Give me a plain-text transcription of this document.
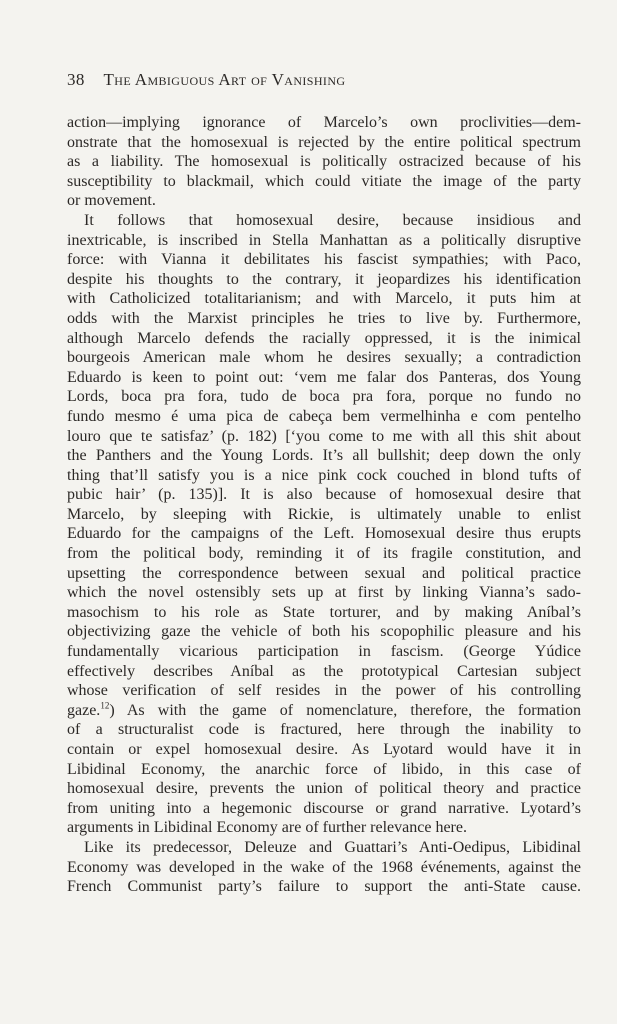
38 The Ambiguous Art of Vanishing
action—implying ignorance of Marcelo’s own proclivities—dem-
onstrate that the homosexual is rejected by the entire political spectrum
as a liability. The homosexual is politically ostracized because of his
susceptibility to blackmail, which could vitiate the image of the party
or movement.
It follows that homosexual desire, because insidious and
inextricable, is inscribed in Stella Manhattan as a politically disruptive
force: with Vianna it debilitates his fascist sympathies; with Paco,
despite his thoughts to the contrary, it jeopardizes his identification
with Catholicized totalitarianism; and with Marcelo, it puts him at
odds with the Marxist principles he tries to live by. Furthermore,
although Marcelo defends the racially oppressed, it is the inimical
bourgeois American male whom he desires sexually; a contradiction
Eduardo is keen to point out: ‘vem me falar dos Panteras, dos Young
Lords, boca pra fora, tudo de boca pra fora, porque no fundo no
fundo mesmo é uma pica de cabeça bem vermelhinha e com pentelho
louro que te satisfaz’ (p. 182) [‘you come to me with all this shit about
the Panthers and the Young Lords. It’s all bullshit; deep down the only
thing that’ll satisfy you is a nice pink cock couched in blond tufts of
pubic hair’ (p. 135)]. It is also because of homosexual desire that
Marcelo, by sleeping with Rickie, is ultimately unable to enlist
Eduardo for the campaigns of the Left. Homosexual desire thus erupts
from the political body, reminding it of its fragile constitution, and
upsetting the correspondence between sexual and political practice
which the novel ostensibly sets up at first by linking Vianna’s sado-
masochism to his role as State torturer, and by making Aníbal’s
objectivizing gaze the vehicle of both his scopophilic pleasure and his
fundamentally vicarious participation in fascism. (George Yúdice
effectively describes Aníbal as the prototypical Cartesian subject
whose verification of self resides in the power of his controlling
gaze.$^{12}$) As with the game of nomenclature, therefore, the formation
of a structuralist code is fractured, here through the inability to
contain or expel homosexual desire. As Lyotard would have it in
Libidinal Economy, the anarchic force of libido, in this case of
homosexual desire, prevents the union of political theory and practice
from uniting into a hegemonic discourse or grand narrative. Lyotard’s
arguments in Libidinal Economy are of further relevance here.
Like its predecessor, Deleuze and Guattari’s Anti-Oedipus, Libidinal
Economy was developed in the wake of the 1968 événements, against the
French Communist party’s failure to support the anti-State cause.
